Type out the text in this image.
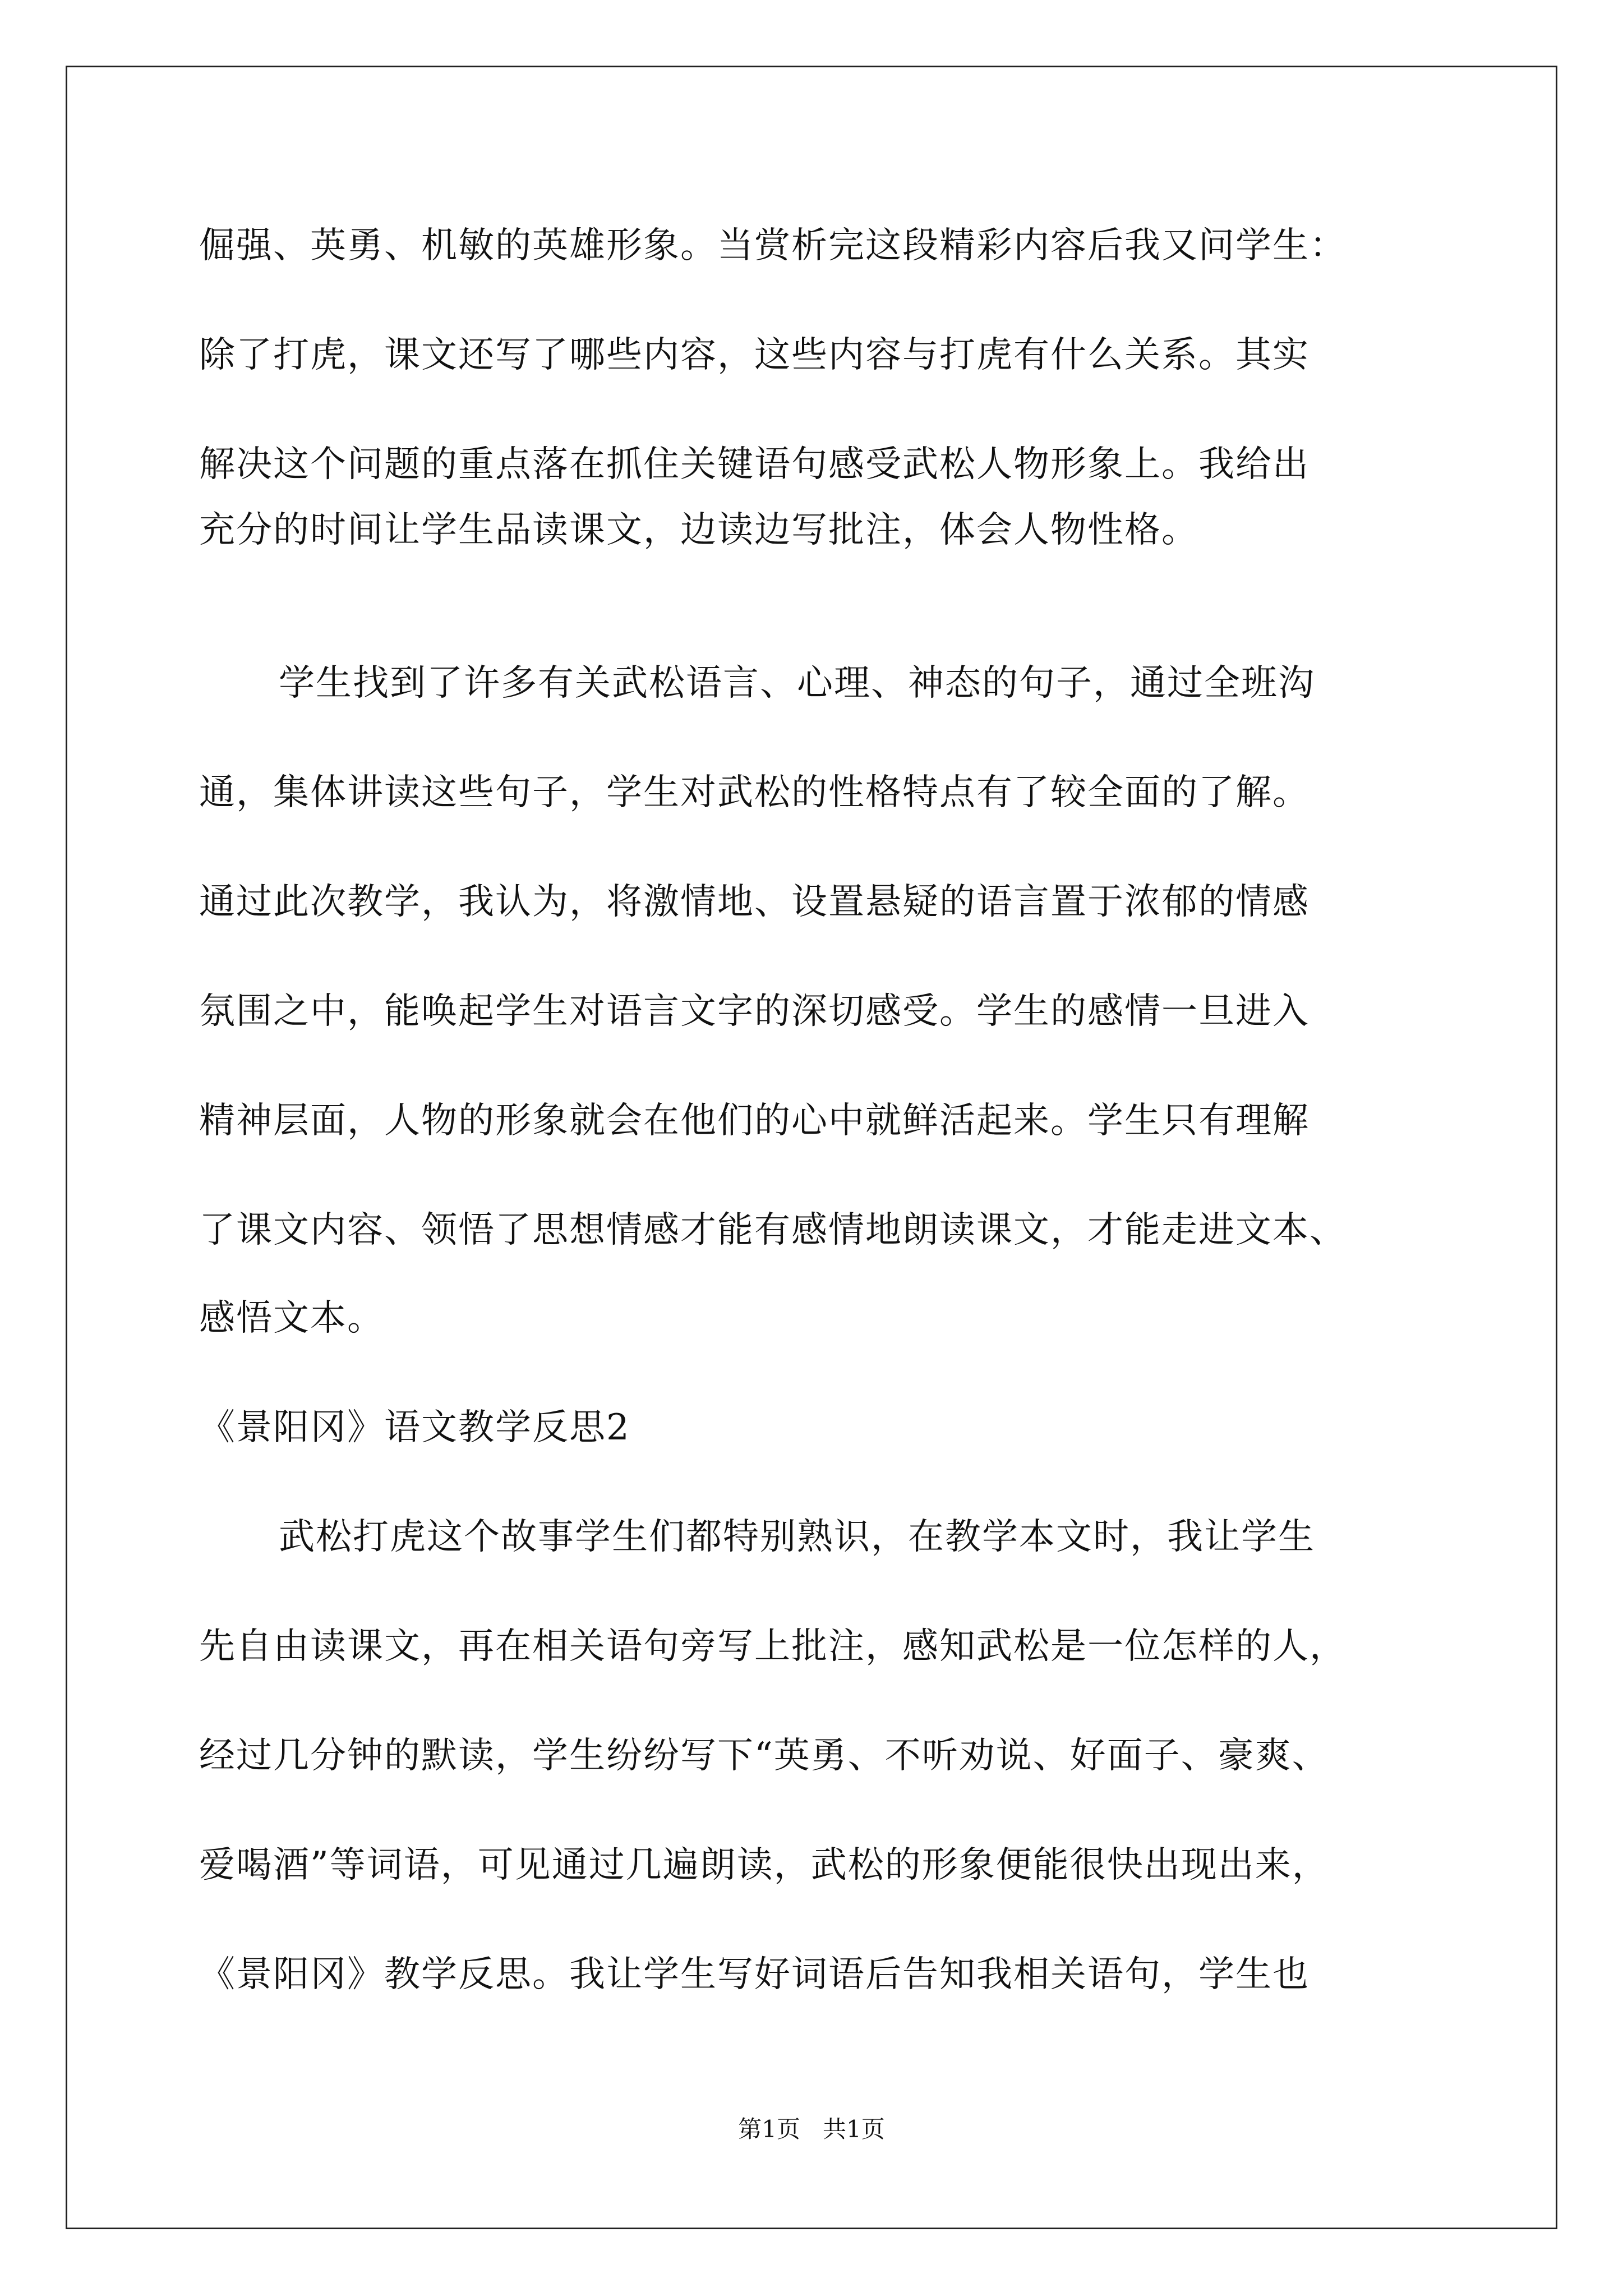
倔强、英勇、机敏的英雄形象。当赏析完这段精彩内容后我又问学生：
除了打虎，课文还写了哪些内容，这些内容与打虎有什么关系。其实
解决这个问题的重点落在抓住关键语句感受武松人物形象上。我给出
充分的时间让学生品读课文，边读边写批注，体会人物性格。
学生找到了许多有关武松语言、心理、神态的句子，通过全班沟
通，集体讲读这些句子，学生对武松的性格特点有了较全面的了解。
通过此次教学，我认为，将激情地、设置悬疑的语言置于浓郁的情感
氛围之中，能唤起学生对语言文字的深切感受。学生的感情一旦进入
精神层面，人物的形象就会在他们的心中就鲜活起来。学生只有理解
了课文内容、领悟了思想情感才能有感情地朗读课文，才能走进文本、
感悟文本。
《景阳冈》语文教学反思2
武松打虎这个故事学生们都特别熟识，在教学本文时，我让学生
先自由读课文，再在相关语句旁写上批注，感知武松是一位怎样的人，
经过几分钟的默读，学生纷纷写下“英勇、不听劝说、好面子、豪爽、
爱喝酒”等词语，可见通过几遍朗读，武松的形象便能很快出现出来，
《景阳冈》教学反思。我让学生写好词语后告知我相关语句，学生也
第1页   共1页
